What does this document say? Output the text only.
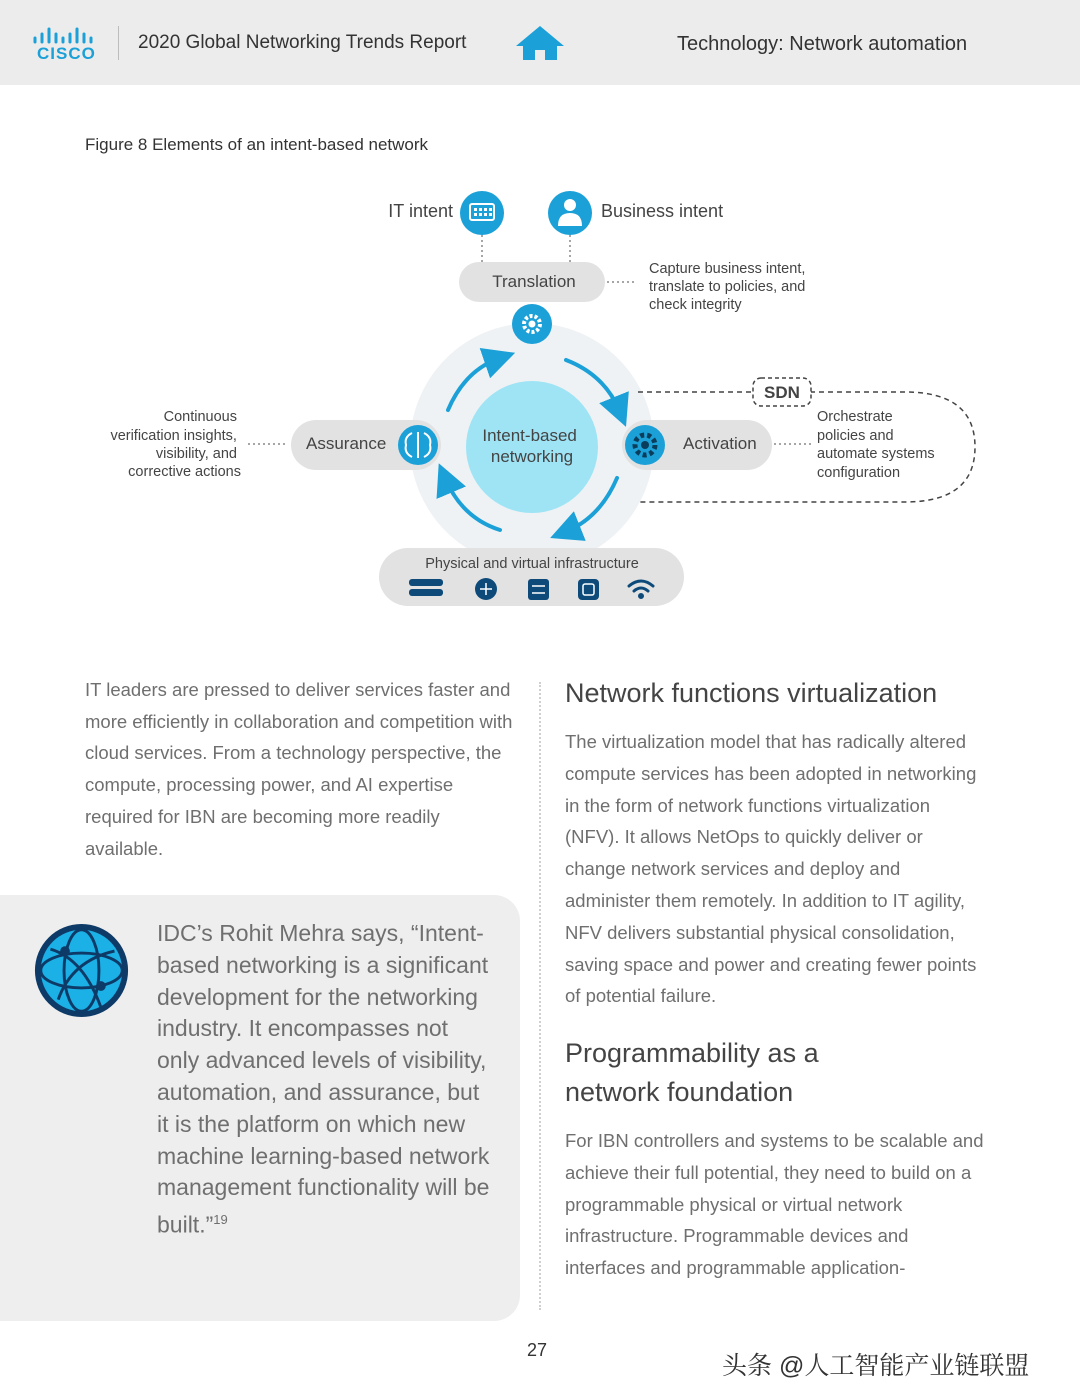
CISCO
2020 Global Networking Trends Report	Technology: Network automation
Figure 8 Elements of an intent-based network
Intent-based networking
IT intent	Business intent
Translation
Capture business intent, translate to policies, and check integrity
Assurance
Continuous verification insights, visibility, and corrective actions
Activation
Orchestrate policies and automate systems configuration
SDN
Physical and virtual infrastructure
IT leaders are pressed to deliver services faster and more efficiently in collaboration and competition with cloud services. From a technology perspective, the compute, processing power, and AI expertise required for IBN are becoming more readily available.
IDC’s Rohit Mehra says, “Intent-based networking is a significant development for the networking industry. It encompasses not only advanced levels of visibility, automation, and assurance, but it is the platform on which new machine learning-based network management functionality will be built.”$^{19}$
Network functions virtualization
The virtualization model that has radically altered compute services has been adopted in networking in the form of network functions virtualization (NFV). It allows NetOps to quickly deliver or change network services and deploy and administer them remotely. In addition to IT agility, NFV delivers substantial physical consolidation, saving space and power and creating fewer points of potential failure.
Programmability as a
network foundation
For IBN controllers and systems to be scalable and achieve their full potential, they need to build on a programmable physical or virtual network infrastructure. Programmable devices and interfaces and programmable application-
27
头条 @人工智能产业链联盟
